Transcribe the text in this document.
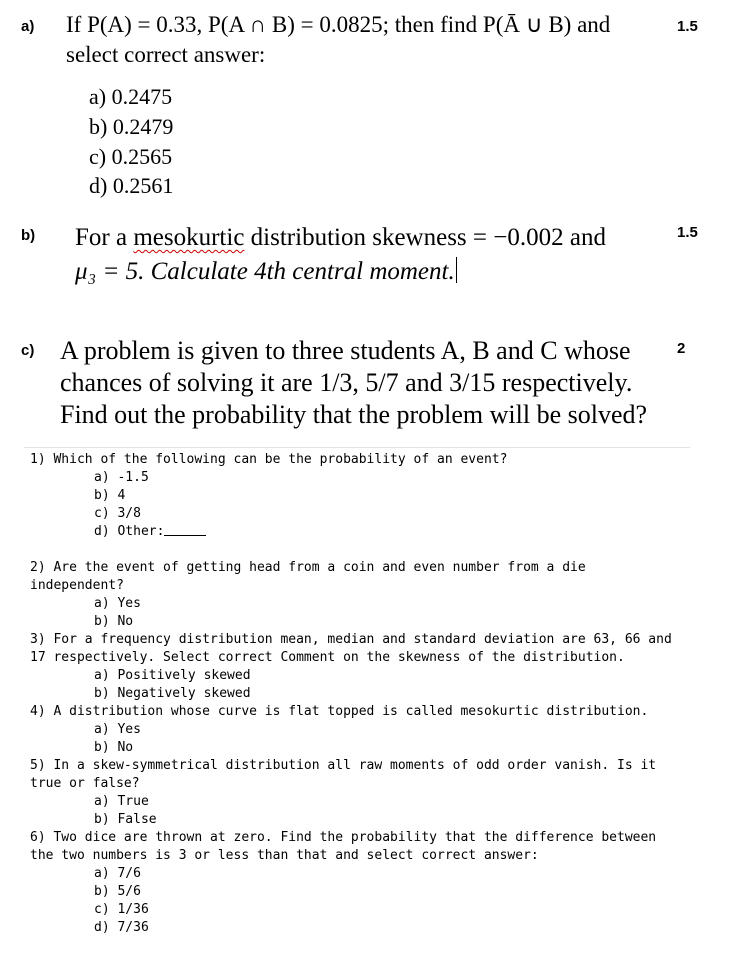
a) If P(A) = 0.33, P(A ∩ B) = 0.0825; then find P(Ā ∪ B) and
select correct answer:
1.5
a) 0.2475
b) 0.2479
c) 0.2565
d) 0.2561
b) For a mesokurtic distribution skewness = −0.002 and	1.5
μ₃ = 5. Calculate 4th central moment.
c) A problem is given to three students A, B and C whose
chances of solving it are 1/3, 5/7 and 3/15 respectively.
Find out the probability that the problem will be solved?
2
1) Which of the following can be the probability of an event?
a) -1.5
b) 4
c) 3/8
d) Other:
2) Are the event of getting head from a coin and even number from a die
independent?
a) Yes
b) No
3) For a frequency distribution mean, median and standard deviation are 63, 66 and
17 respectively. Select correct Comment on the skewness of the distribution.
a) Positively skewed
b) Negatively skewed
4) A distribution whose curve is flat topped is called mesokurtic distribution.
a) Yes
b) No
5) In a skew-symmetrical distribution all raw moments of odd order vanish. Is it
true or false?
a) True
b) False
6) Two dice are thrown at zero. Find the probability that the difference between
the two numbers is 3 or less than that and select correct answer:
a) 7/6
b) 5/6
c) 1/36
d) 7/36
